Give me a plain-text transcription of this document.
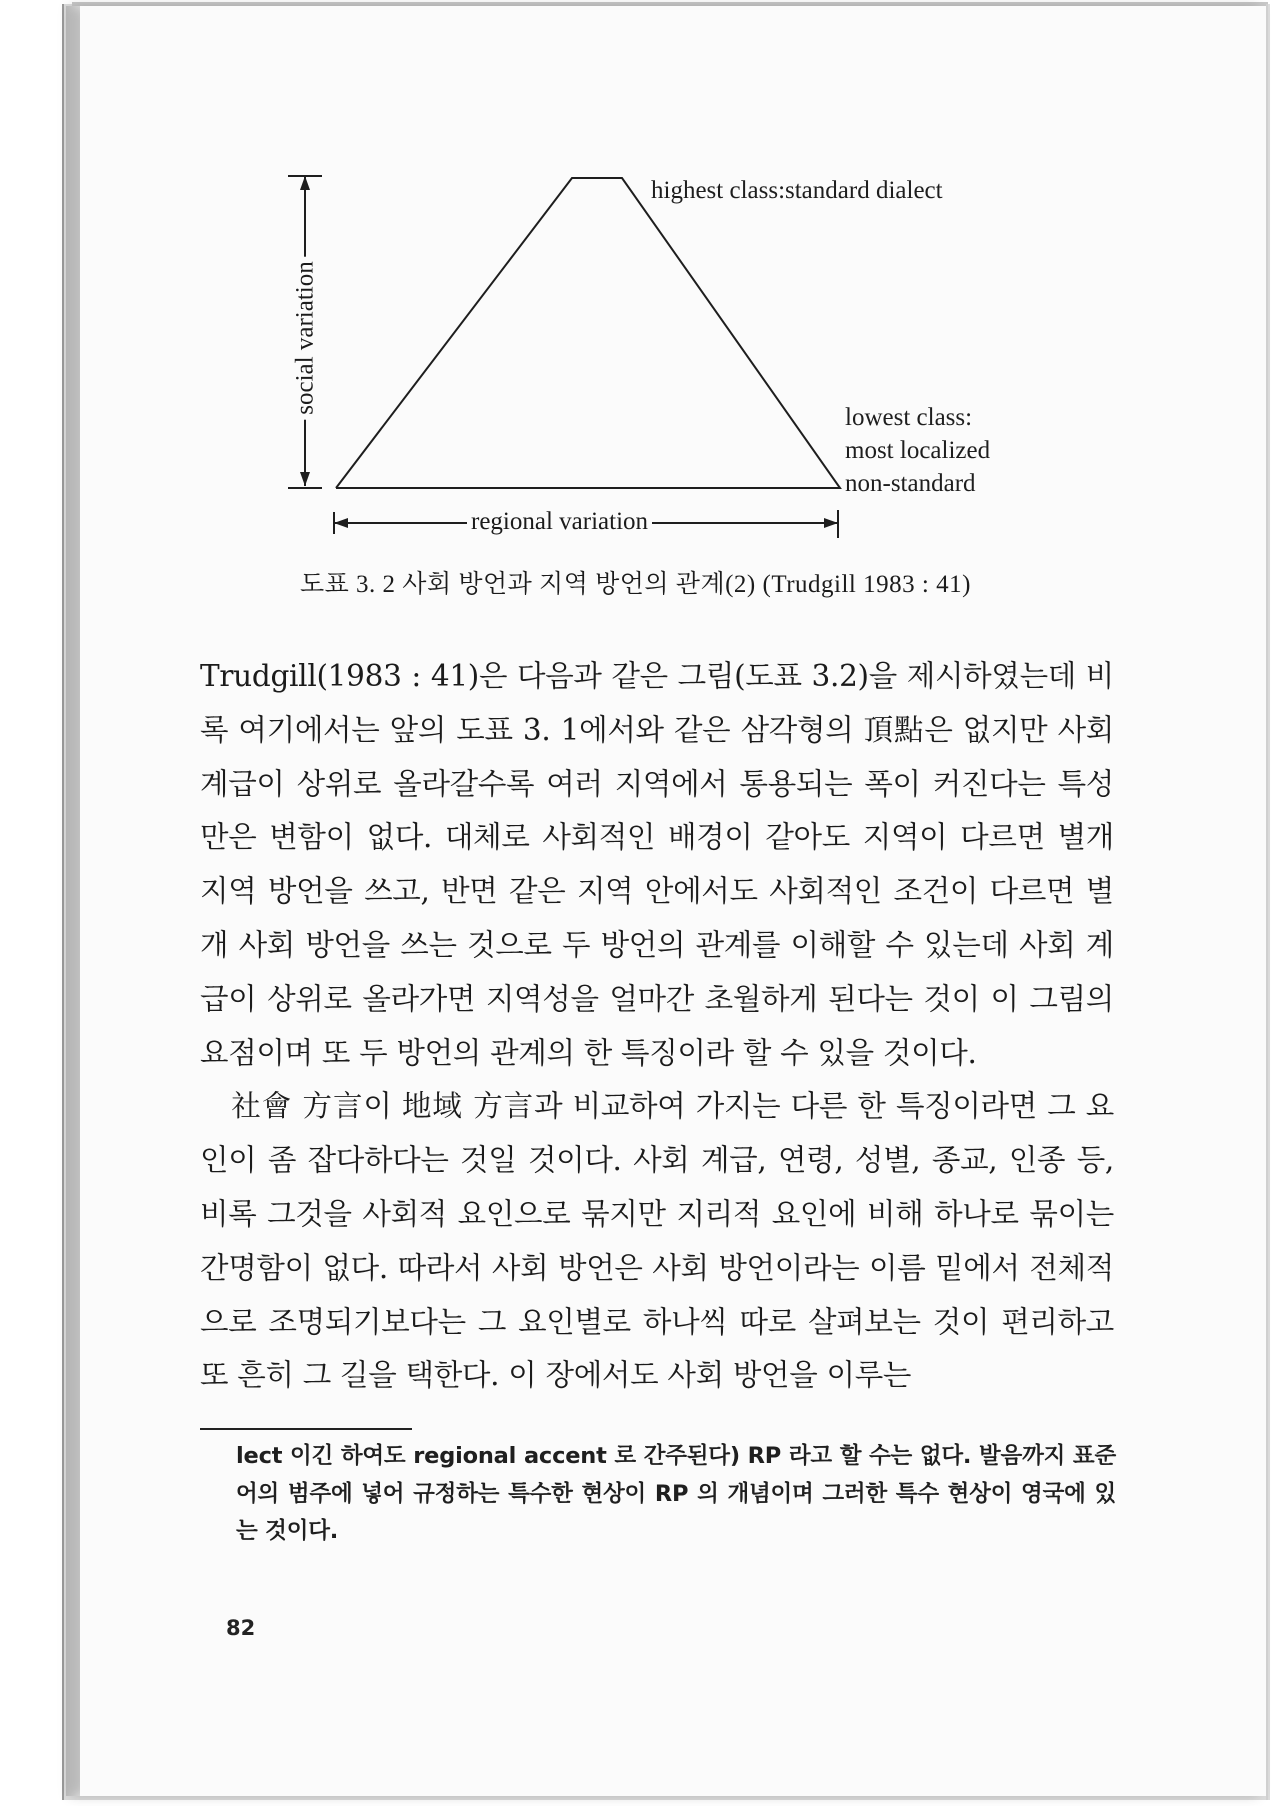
highest class:standard dialect
lowest class:
most localized
non-standard
regional variation
social variation
도표 3. 2 사회 방언과 지역 방언의 관계(2) (Trudgill 1983 : 41)

Trudgill(1983 : 41)은 다음과 같은 그림(도표 3.2)을 제시하였는데 비록 여기에서는 앞의 도표 3. 1에서와 같은 삼각형의 頂點은 없지만 사회 계급이 상위로 올라갈수록 여러 지역에서 통용되는 폭이 커진다는 특성만은 변함이 없다. 대체로 사회적인 배경이 같아도 지역이 다르면 별개 지역 방언을 쓰고, 반면 같은 지역 안에서도 사회적인 조건이 다르면 별개 사회 방언을 쓰는 것으로 두 방언의 관계를 이해할 수 있는데 사회 계급이 상위로 올라가면 지역성을 얼마간 초월하게 된다는 것이 이 그림의 요점이며 또 두 방언의 관계의 한 특징이라 할 수 있을 것이다.

社會 方言이 地域 方言과 비교하여 가지는 다른 한 특징이라면 그 요인이 좀 잡다하다는 것일 것이다. 사회 계급, 연령, 성별, 종교, 인종 등, 비록 그것을 사회적 요인으로 묶지만 지리적 요인에 비해 하나로 묶이는 간명함이 없다. 따라서 사회 방언은 사회 방언이라는 이름 밑에서 전체적으로 조명되기보다는 그 요인별로 하나씩 따로 살펴보는 것이 편리하고 또 흔히 그 길을 택한다. 이 장에서도 사회 방언을 이루는

lect 이긴 하여도 regional accent 로 간주된다) RP 라고 할 수는 없다. 발음까지 표준어의 범주에 넣어 규정하는 특수한 현상이 RP 의 개념이며 그러한 특수 현상이 영국에 있는 것이다.

82
